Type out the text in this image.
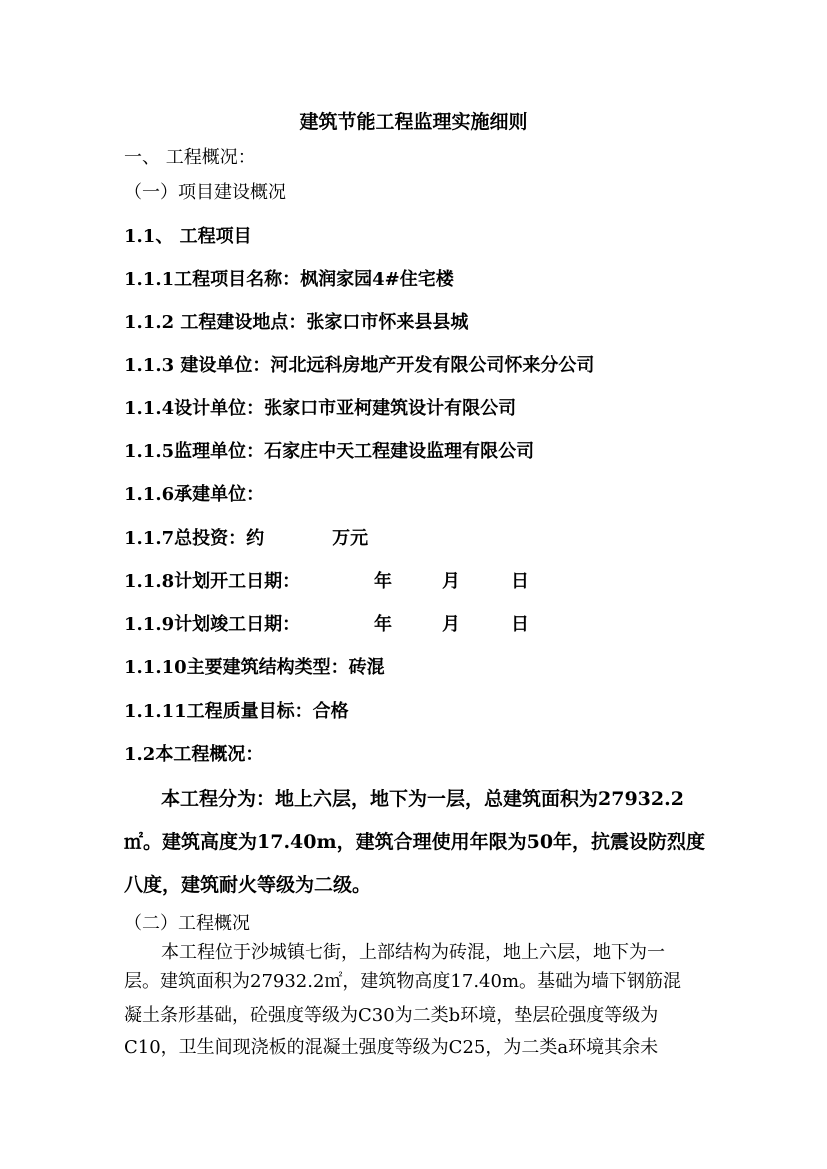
建筑节能工程监理实施细则
一、 工程概况：
（一）项目建设概况
1.1、 工程项目
1.1.1工程项目名称：枫润家园4#住宅楼
1.1.2 工程建设地点：张家口市怀来县县城
1.1.3 建设单位：河北远科房地产开发有限公司怀来分公司
1.1.4设计单位：张家口市亚柯建筑设计有限公司
1.1.5监理单位：石家庄中天工程建设监理有限公司
1.1.6承建单位：
1.1.7总投资：约	万元
1.1.8计划开工日期：	年	月	日
1.1.9计划竣工日期：	年	月	日
1.1.10主要建筑结构类型：砖混
1.1.11工程质量目标：合格
1.2本工程概况：
本工程分为：地上六层，地下为一层，总建筑面积为27932.2
㎡。建筑高度为17.40m，建筑合理使用年限为50年，抗震设防烈度
八度，建筑耐火等级为二级。
（二）工程概况
本工程位于沙城镇七街，上部结构为砖混，地上六层，地下为一
层。建筑面积为27932.2㎡，建筑物高度17.40m。基础为墙下钢筋混
凝土条形基础，砼强度等级为C30为二类b环境，垫层砼强度等级为
C10，卫生间现浇板的混凝土强度等级为C25，为二类a环境其余未
